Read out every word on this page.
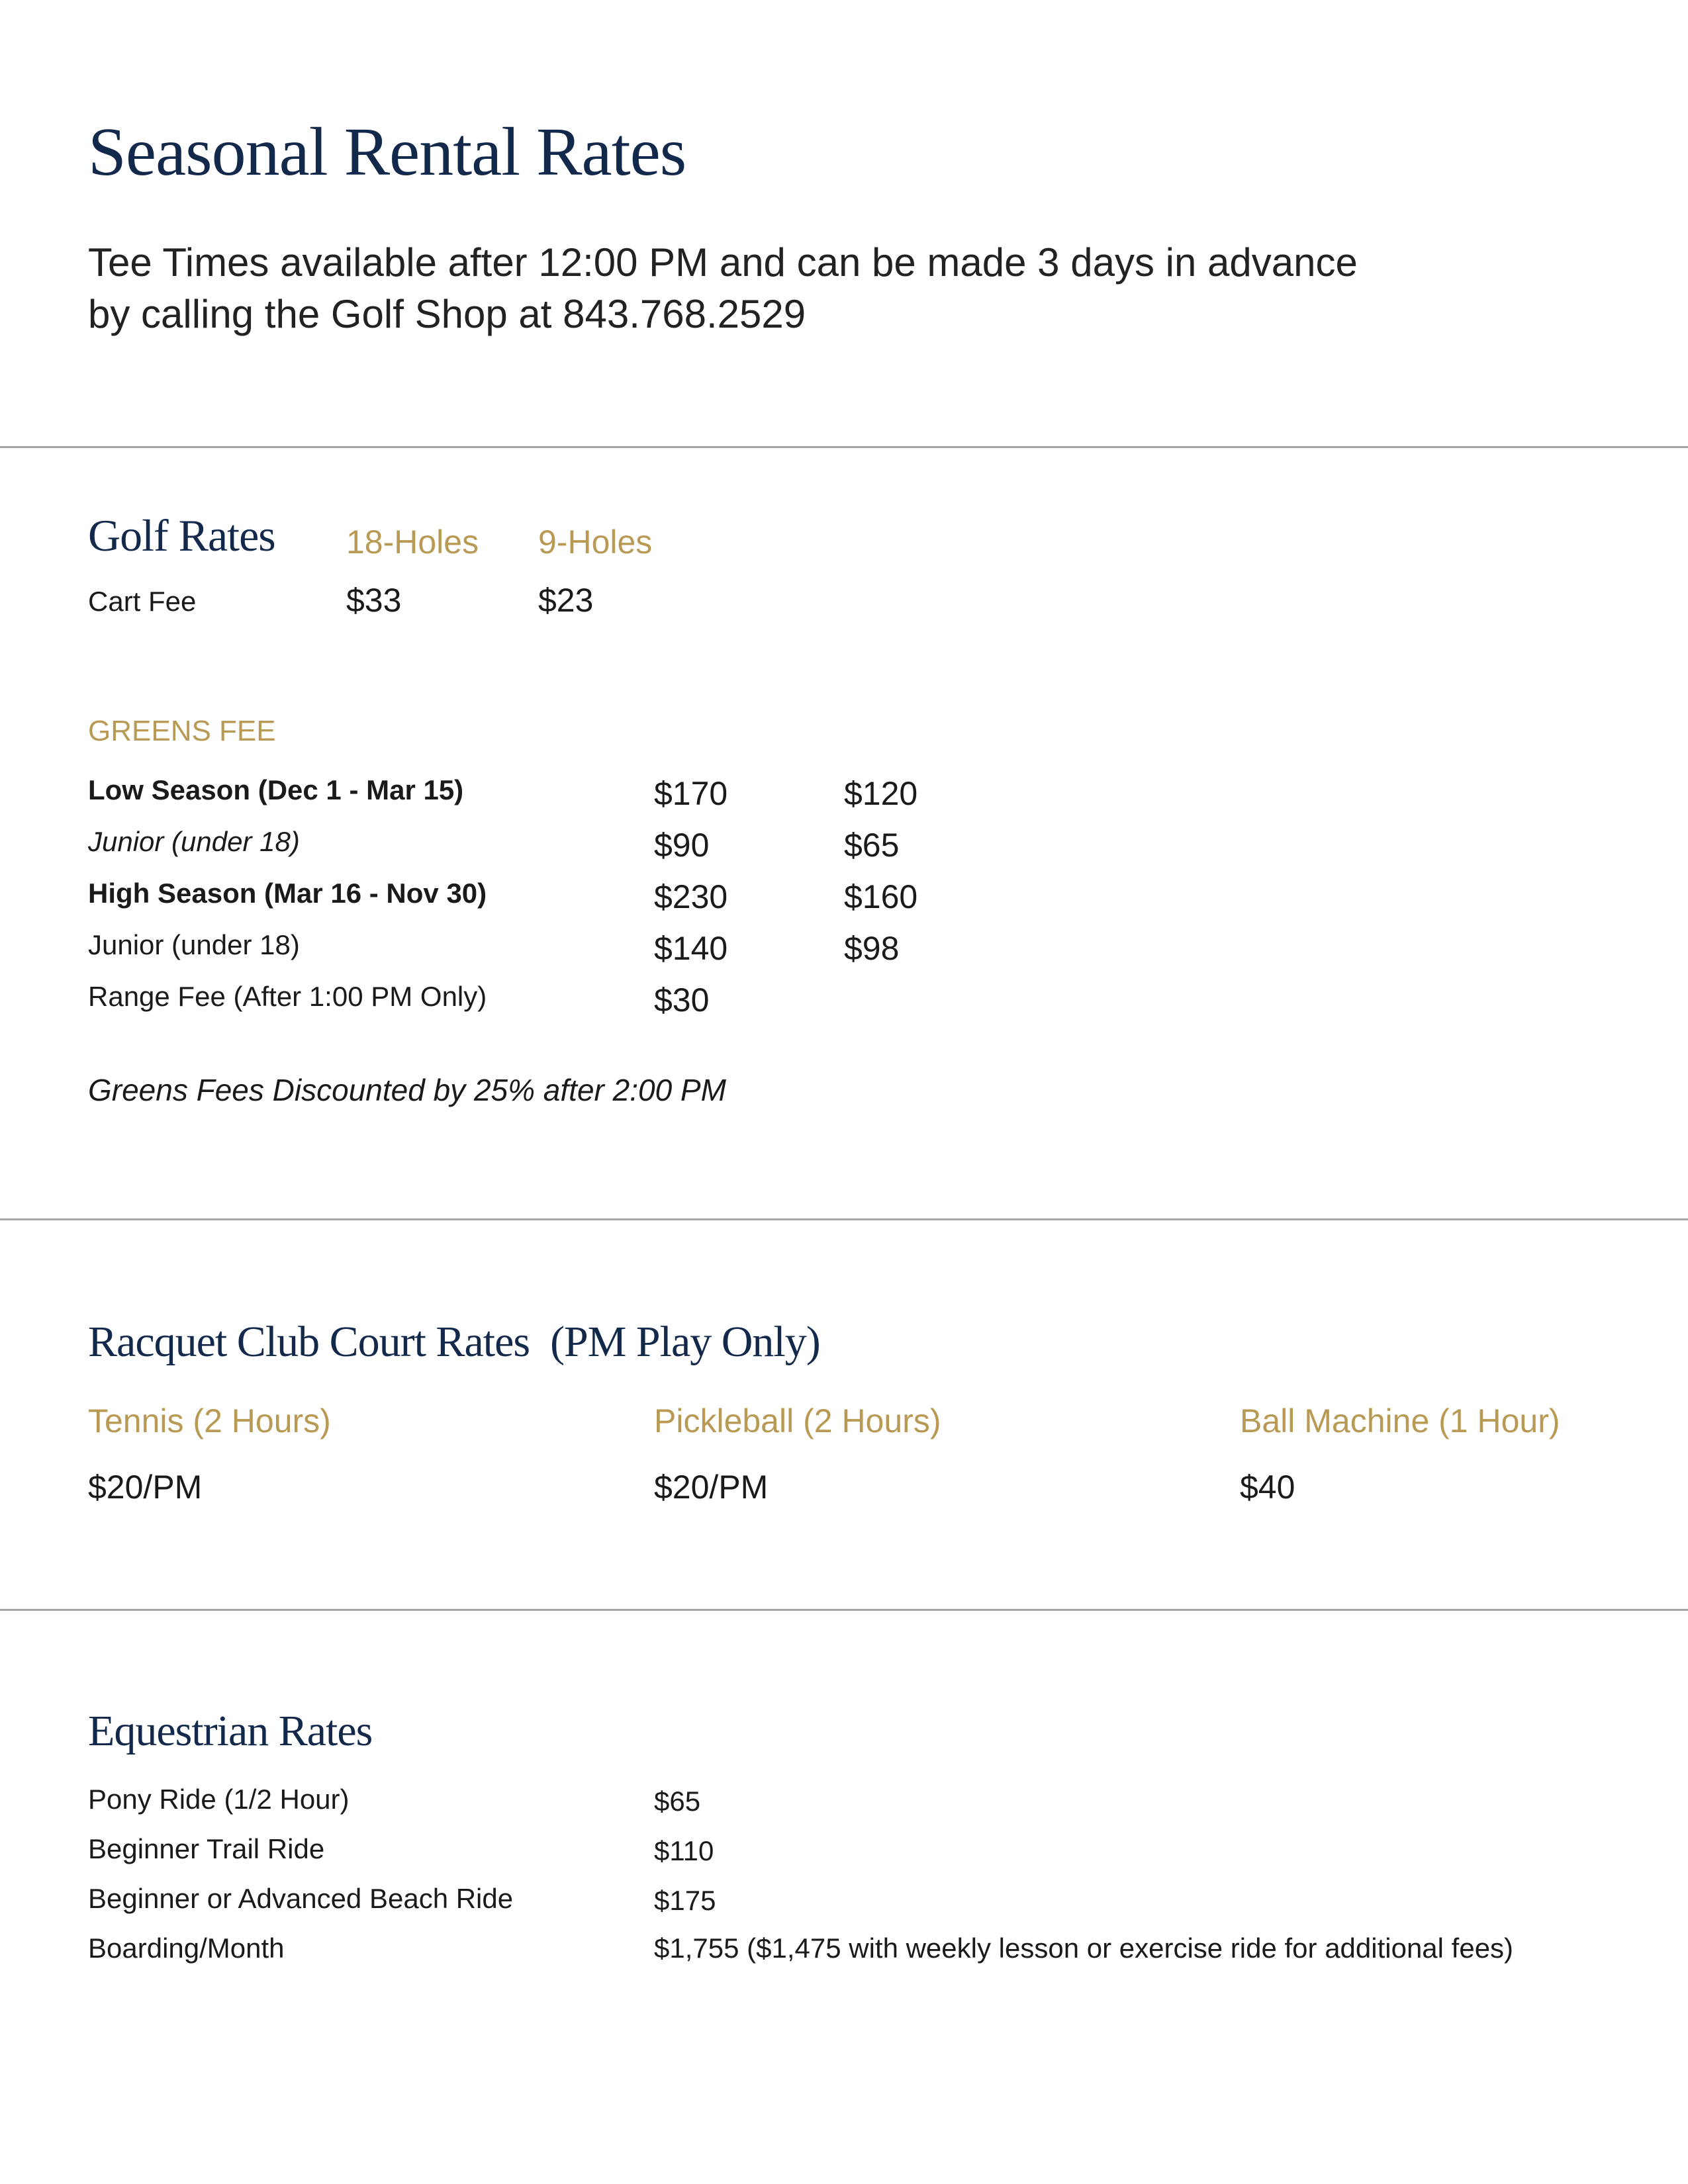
Seasonal Rental Rates
Tee Times available after 12:00 PM and can be made 3 days in advance
by calling the Golf Shop at 843.768.2529
Golf Rates 18-Holes 9-Holes
Cart Fee	$33	$23
GREENS FEE
Low Season (Dec 1 - Mar 15)	$170	$120
Junior (under 18)	$90	$65
High Season (Mar 16 - Nov 30)	$230	$160
Junior (under 18)	$140	$98
Range Fee (After 1:00 PM Only)	$30
Greens Fees Discounted by 25% after 2:00 PM
Racquet Club Court Rates  (PM Play Only)
Tennis (2 Hours)	Pickleball (2 Hours)	Ball Machine (1 Hour)
$20/PM	$20/PM	$40
Equestrian Rates
Pony Ride (1/2 Hour)	$65
Beginner Trail Ride	$110
Beginner or Advanced Beach Ride	$175
Boarding/Month	$1,755 ($1,475 with weekly lesson or exercise ride for additional fees)
